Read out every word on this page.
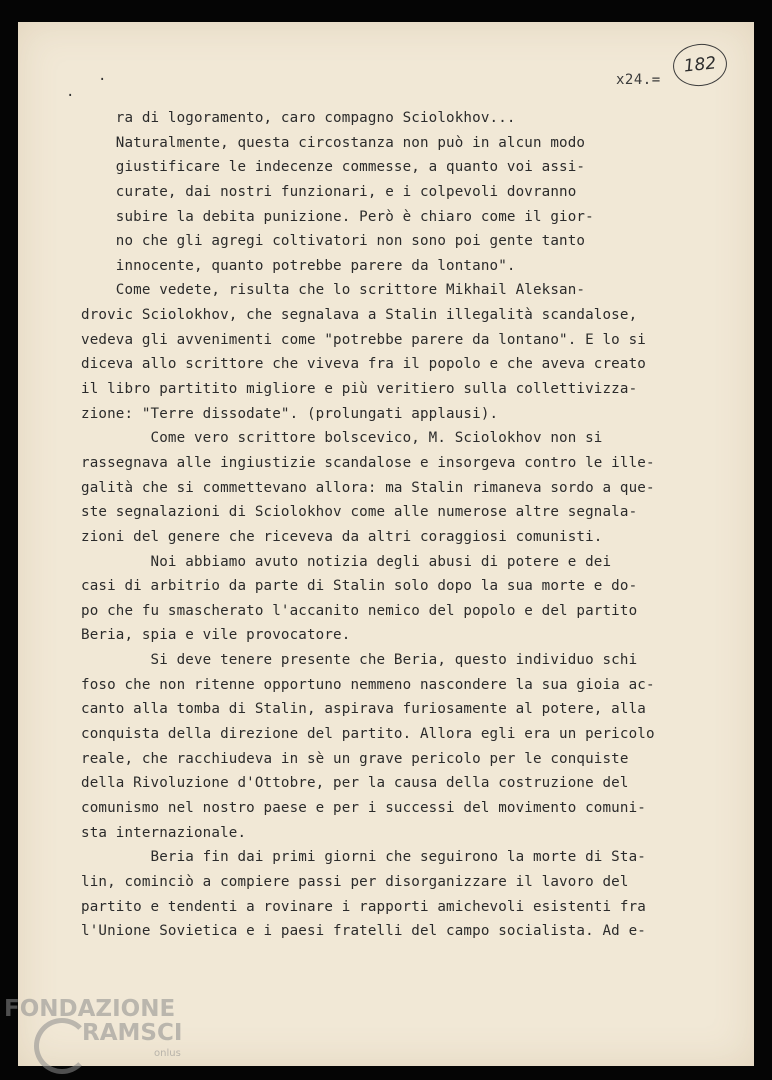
·
·
x24.=
182
ra di logoramento, caro compagno Sciolokhov...
Naturalmente, questa circostanza non può in alcun modo
giustificare le indecenze commesse, a quanto voi assi-
curate, dai nostri funzionari, e i colpevoli dovranno
subire la debita punizione. Però è chiaro come il gior-
no che gli agregi coltivatori non sono poi gente tanto
innocente, quanto potrebbe parere da lontano".
Come vedete, risulta che lo scrittore Mikhail Aleksan-
drovic Sciolokhov, che segnalava a Stalin illegalità scandalose,
vedeva gli avvenimenti come "potrebbe parere da lontano". E lo si
diceva allo scrittore che viveva fra il popolo e che aveva creato
il libro partitito migliore e più veritiero sulla collettivizza-
zione: "Terre dissodate". (prolungati applausi).
Come vero scrittore bolscevico, M. Sciolokhov non si
rassegnava alle ingiustizie scandalose e insorgeva contro le ille-
galità che si commettevano allora: ma Stalin rimaneva sordo a que-
ste segnalazioni di Sciolokhov come alle numerose altre segnala-
zioni del genere che riceveva da altri coraggiosi comunisti.
Noi abbiamo avuto notizia degli abusi di potere e dei
casi di arbitrio da parte di Stalin solo dopo la sua morte e do-
po che fu smascherato l'accanito nemico del popolo e del partito
Beria, spia e vile provocatore.
Si deve tenere presente che Beria, questo individuo schi
foso che non ritenne opportuno nemmeno nascondere la sua gioia ac-
canto alla tomba di Stalin, aspirava furiosamente al potere, alla
conquista della direzione del partito. Allora egli era un pericolo
reale, che racchiudeva in sè un grave pericolo per le conquiste
della Rivoluzione d'Ottobre, per la causa della costruzione del
comunismo nel nostro paese e per i successi del movimento comuni-
sta internazionale.
Beria fin dai primi giorni che seguirono la morte di Sta-
lin, cominciò a compiere passi per disorganizzare il lavoro del
partito e tendenti a rovinare i rapporti amichevoli esistenti fra
l'Unione Sovietica e i paesi fratelli del campo socialista. Ad e-
FONDAZIONE
RAMSCI
onlus
